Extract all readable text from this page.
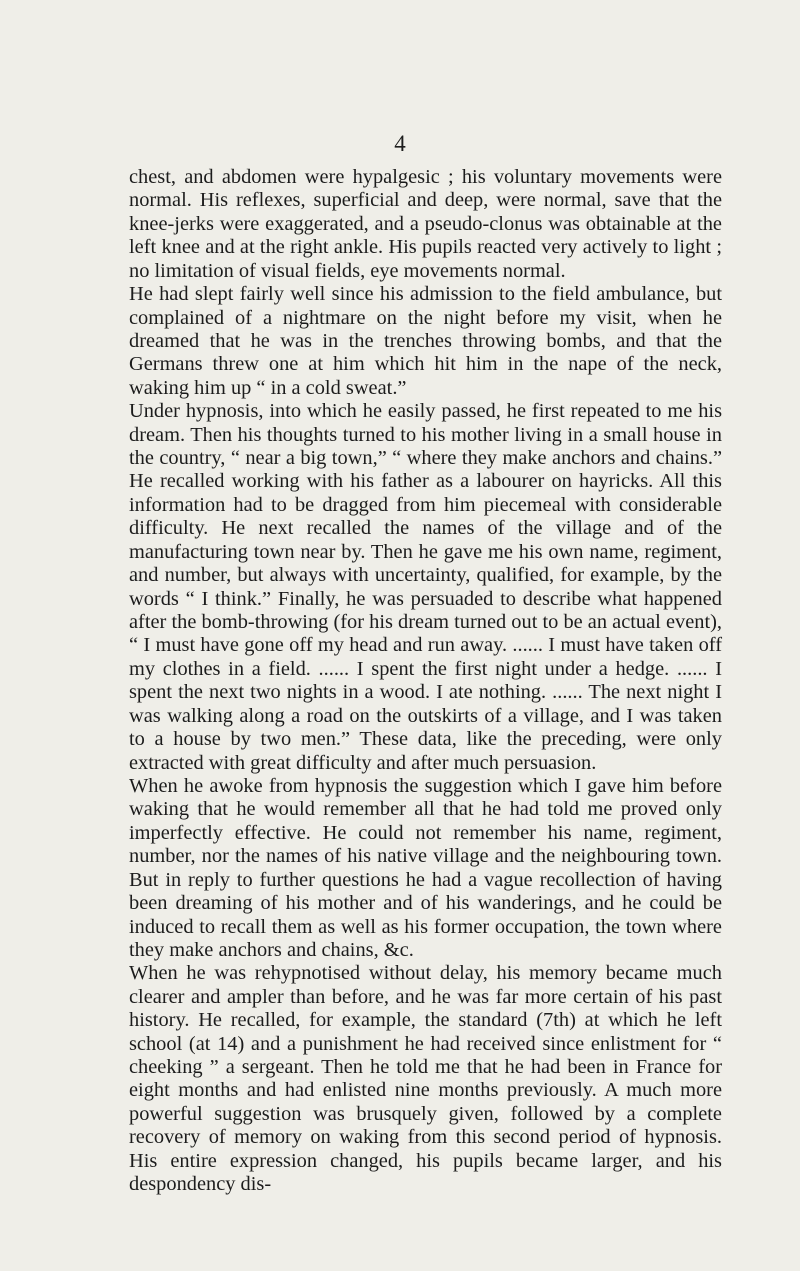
4

chest, and abdomen were hypalgesic ; his voluntary movements were normal. His reflexes, superficial and deep, were normal, save that the knee-jerks were exaggerated, and a pseudo-clonus was obtainable at the left knee and at the right ankle. His pupils reacted very actively to light ; no limitation of visual fields, eye movements normal.

He had slept fairly well since his admission to the field ambulance, but complained of a nightmare on the night before my visit, when he dreamed that he was in the trenches throwing bombs, and that the Germans threw one at him which hit him in the nape of the neck, waking him up “ in a cold sweat.”

Under hypnosis, into which he easily passed, he first repeated to me his dream. Then his thoughts turned to his mother living in a small house in the country, “ near a big town,” “ where they make anchors and chains.” He recalled working with his father as a labourer on hayricks. All this information had to be dragged from him piecemeal with considerable difficulty. He next recalled the names of the village and of the manufacturing town near by. Then he gave me his own name, regiment, and number, but always with uncertainty, qualified, for example, by the words “ I think.” Finally, he was persuaded to describe what happened after the bomb-throwing (for his dream turned out to be an actual event), “ I must have gone off my head and run away. ...... I must have taken off my clothes in a field. ...... I spent the first night under a hedge. ...... I spent the next two nights in a wood. I ate nothing. ...... The next night I was walking along a road on the outskirts of a village, and I was taken to a house by two men.” These data, like the preceding, were only extracted with great difficulty and after much persuasion.

When he awoke from hypnosis the suggestion which I gave him before waking that he would remember all that he had told me proved only imperfectly effective. He could not remember his name, regiment, number, nor the names of his native village and the neighbouring town. But in reply to further questions he had a vague recollection of having been dreaming of his mother and of his wanderings, and he could be induced to recall them as well as his former occupation, the town where they make anchors and chains, &c.

When he was rehypnotised without delay, his memory became much clearer and ampler than before, and he was far more certain of his past history. He recalled, for example, the standard (7th) at which he left school (at 14) and a punishment he had received since enlistment for “ cheeking ” a sergeant. Then he told me that he had been in France for eight months and had enlisted nine months previously. A much more powerful suggestion was brusquely given, followed by a complete recovery of memory on waking from this second period of hypnosis. His entire expression changed, his pupils became larger, and his despondency dis-
